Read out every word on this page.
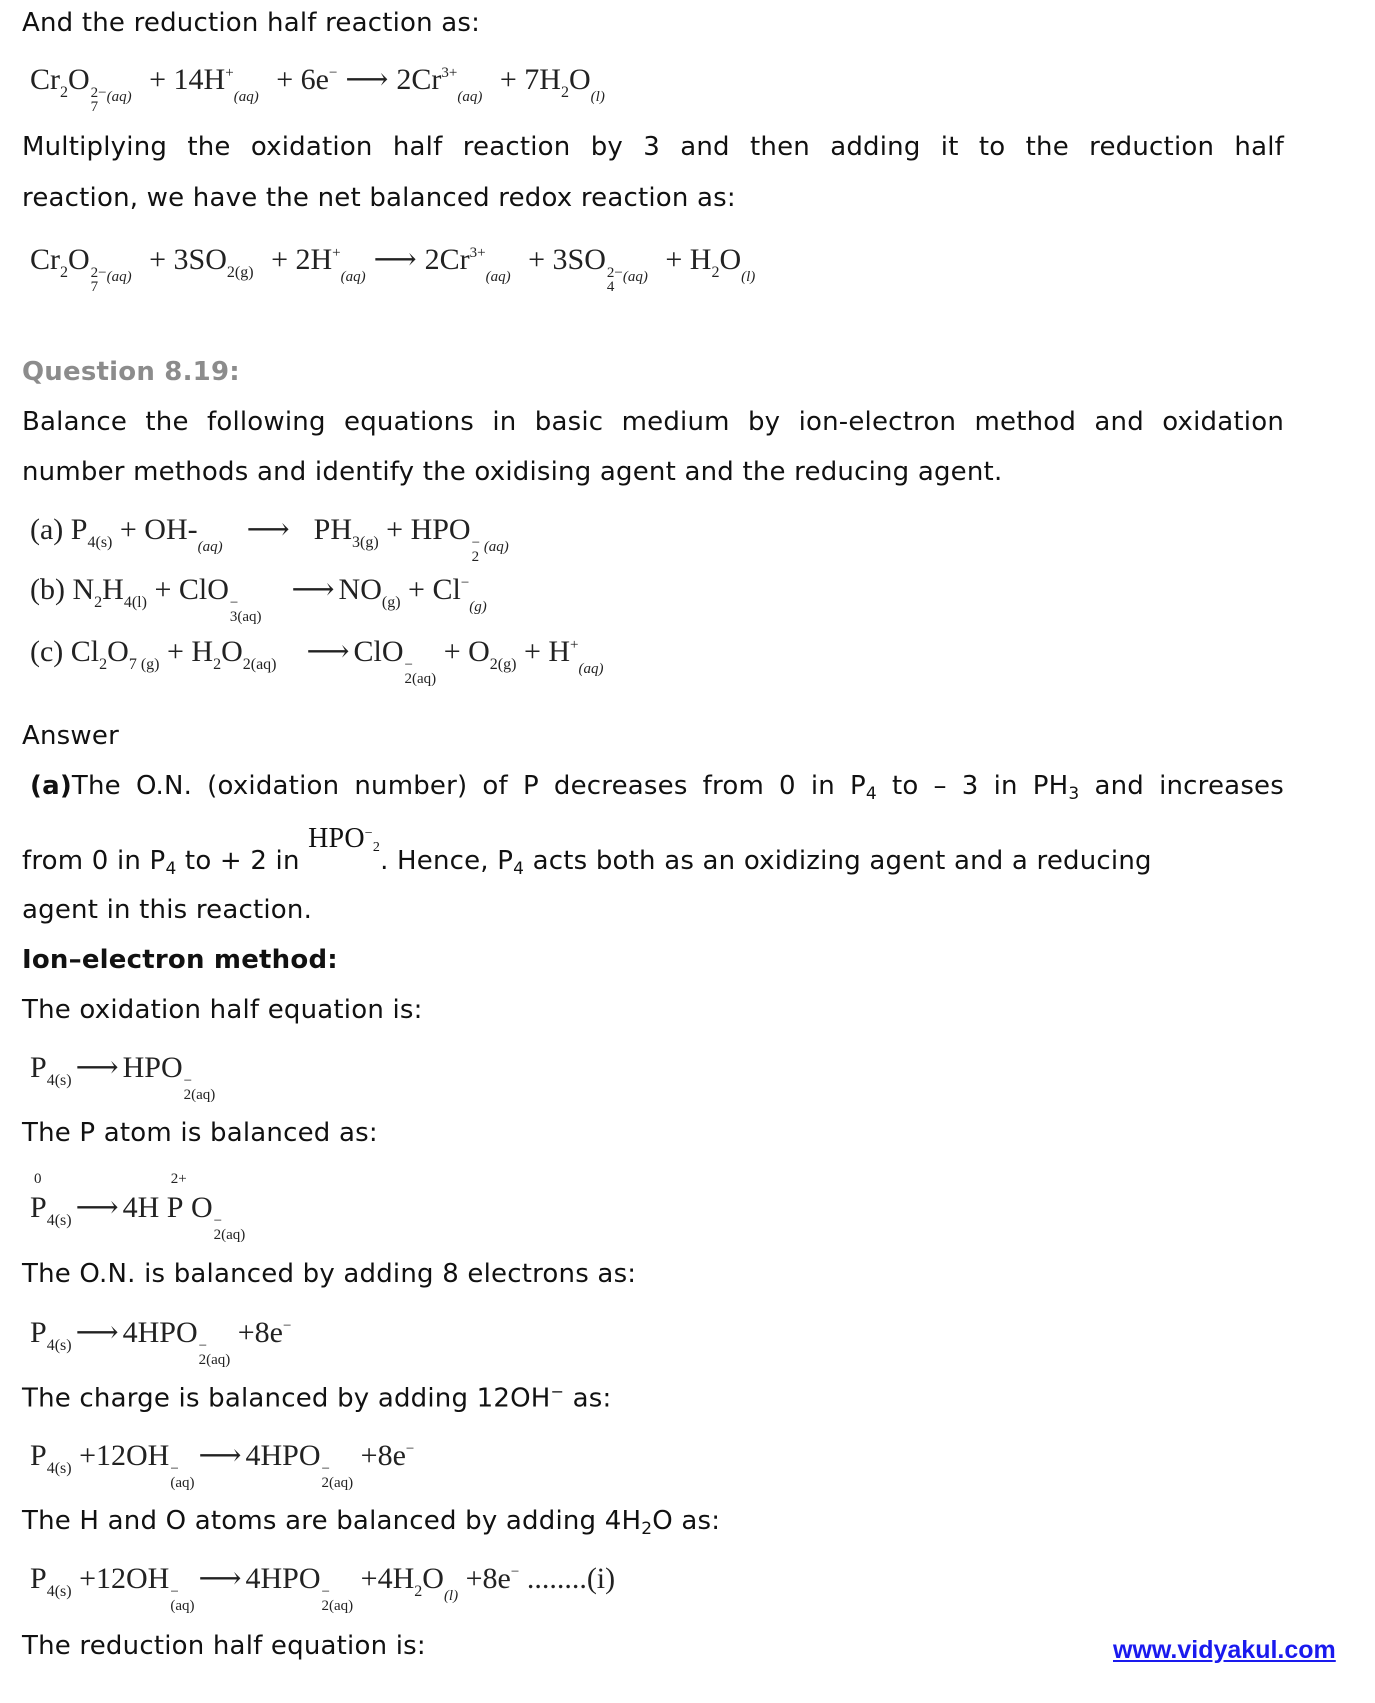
And the reduction half reaction as:
$Cr_2O$ 2−
7
$_{(aq)} + 14H^+_{(aq)} + 6e^-$ ⟶ $2Cr^{3+}_{(aq)} + 7H_2O_{(l)}$
Multiplying the oxidation half reaction by 3 and then adding it to the reduction half
reaction, we have the net balanced redox reaction as:
$Cr_2O$ 2−
7
$_{(aq)} + 3SO_{2(g)}$ + $2H^+_{(aq)}⟶$ $2Cr^{3+}_{(aq)} + 3SO$ 2−
4
$_{(aq)} + H_2O_{(l)}$
Question 8.19:
Balance the following equations in basic medium by ion-electron method and oxidation
number methods and identify the oxidising agent and the reducing agent.
(a) $P_{4(s)}$ + $OH-_{(aq)}⟶$ $PH_{3(g)}$ + HPO −
2
$_{(aq)}$
(b) $N_2H_{4(l)}$ + ClO −
3(aq)
⟶ $NO_{(g)} + Cl^-_{(g)}$
(c) $Cl_2O_{7 (g)} + H_2O_{2(aq)}$ ⟶ ClO −
2(aq)
+ $O_{2(g)} + H^+_{(aq)}$
Answer
(a)The O.N. (oxidation number) of P decreases from 0 in $P_4$ to – 3 in $PH_3$ and increases
from 0 in $P_4$ to + 2 in $HPO^-_2$. Hence, $P_4$ acts both as an oxidizing agent and a reducing
agent in this reaction.
Ion–electron method:
The oxidation half equation is:
$P_{4(s)}$ ⟶ HPO −
2(aq)
The P atom is balanced as:
P
0
$_{4(s)}$ ⟶ 4H P
2+
O −
2(aq)
The O.N. is balanced by adding 8 electrons as:
$P_{4(s)}$ ⟶ 4HPO −
2(aq)
+8e−
The charge is balanced by adding 12OH− as:
$P_{4(s)} +12OH$ −
(aq)
⟶ 4HPO −
2(aq)
+8e−
The H and O atoms are balanced by adding $4H_2O$ as:
$P_{4(s)} +12OH$ −
(aq)
⟶ 4HPO −
2(aq)
$+4H_2O_{(l)} +8e^-$ ........(i)
The reduction half equation is:	www.vidyakul.com
